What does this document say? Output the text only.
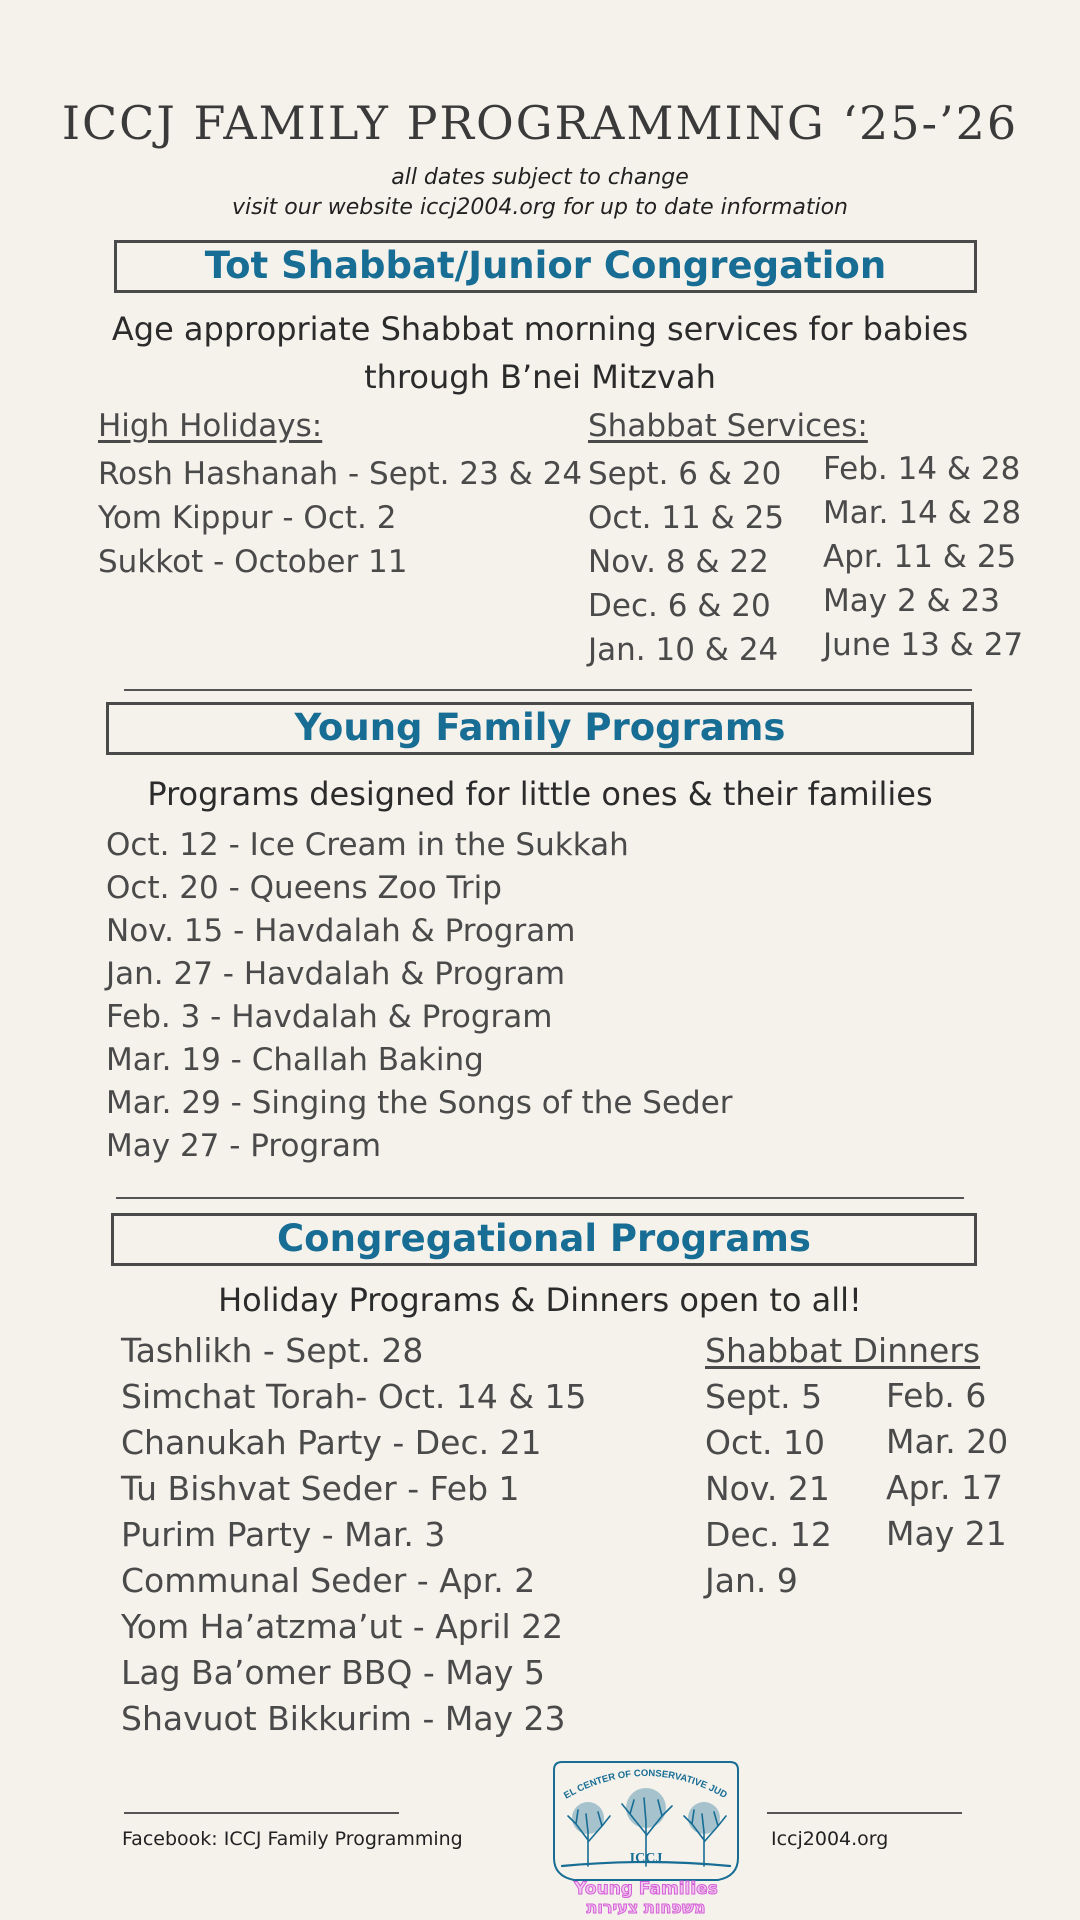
ICCJ FAMILY PROGRAMMING ‘25-’26
all dates subject to change
visit our website iccj2004.org for up to date information
Tot Shabbat/Junior Congregation
Age appropriate Shabbat morning services for babies
through B’nei Mitzvah
High Holidays:
Rosh Hashanah - Sept. 23 & 24
Yom Kippur - Oct. 2
Sukkot - October 11
Shabbat Services:
Sept. 6 & 20
Oct. 11 & 25
Nov. 8 & 22
Dec. 6 & 20
Jan. 10 & 24
Feb. 14 & 28
Mar. 14 & 28
Apr. 11 & 25
May 2 & 23
June 13 & 27
Young Family Programs
Programs designed for little ones & their families
Oct. 12 - Ice Cream in the Sukkah
Oct. 20 - Queens Zoo Trip
Nov. 15 - Havdalah & Program
Jan. 27 - Havdalah & Program
Feb. 3 - Havdalah & Program
Mar. 19 - Challah Baking
Mar. 29 - Singing the Songs of the Seder
May 27 - Program
Congregational Programs
Holiday Programs & Dinners open to all!
Tashlikh - Sept. 28
Simchat Torah- Oct. 14 & 15
Chanukah Party - Dec. 21
Tu Bishvat Seder - Feb 1
Purim Party - Mar. 3
Communal Seder - Apr. 2
Yom Ha’atzma’ut - April 22
Lag Ba’omer BBQ - May 5
Shavuot Bikkurim - May 23
Shabbat Dinners
Sept. 5
Oct. 10
Nov. 21
Dec. 12
Jan. 9
Feb. 6
Mar. 20
Apr. 17
May 21
Facebook: ICCJ Family Programming	Iccj2004.org
EL CENTER OF CONSERVATIVE JUD
ICCJ
Young Families
משפחות צעירות
